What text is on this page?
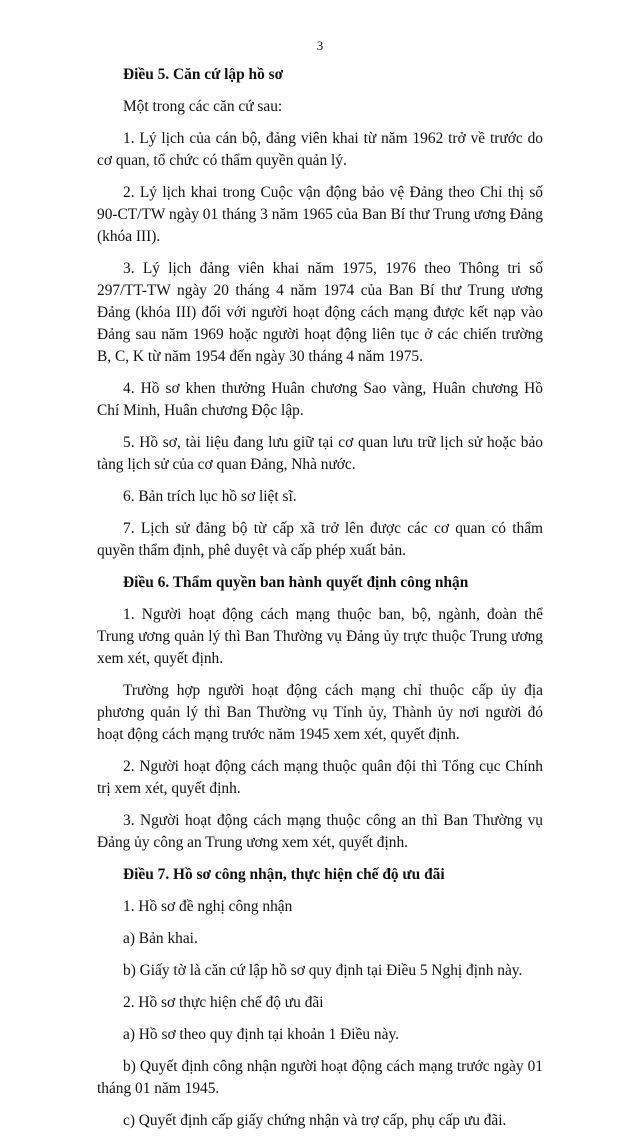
3

Điều 5. Căn cứ lập hồ sơ

Một trong các căn cứ sau:

1. Lý lịch của cán bộ, đảng viên khai từ năm 1962 trở về trước do cơ quan, tổ chức có thẩm quyền quản lý.

2. Lý lịch khai trong Cuộc vận động bảo vệ Đảng theo Chỉ thị số 90-CT/TW ngày 01 tháng 3 năm 1965 của Ban Bí thư Trung ương Đảng (khóa III).

3. Lý lịch đảng viên khai năm 1975, 1976 theo Thông tri số 297/TT-TW ngày 20 tháng 4 năm 1974 của Ban Bí thư Trung ương Đảng (khóa III) đối với người hoạt động cách mạng được kết nạp vào Đảng sau năm 1969 hoặc người hoạt động liên tục ở các chiến trường B, C, K từ năm 1954 đến ngày 30 tháng 4 năm 1975.

4. Hồ sơ khen thưởng Huân chương Sao vàng, Huân chương Hồ Chí Minh, Huân chương Độc lập.

5. Hồ sơ, tài liệu đang lưu giữ tại cơ quan lưu trữ lịch sử hoặc bảo tàng lịch sử của cơ quan Đảng, Nhà nước.

6. Bản trích lục hồ sơ liệt sĩ.

7. Lịch sử đảng bộ từ cấp xã trở lên được các cơ quan có thẩm quyền thẩm định, phê duyệt và cấp phép xuất bản.

Điều 6. Thẩm quyền ban hành quyết định công nhận

1. Người hoạt động cách mạng thuộc ban, bộ, ngành, đoàn thể Trung ương quản lý thì Ban Thường vụ Đảng ủy trực thuộc Trung ương xem xét, quyết định.

Trường hợp người hoạt động cách mạng chỉ thuộc cấp ủy địa phương quản lý thì Ban Thường vụ Tỉnh ủy, Thành ủy nơi người đó hoạt động cách mạng trước năm 1945 xem xét, quyết định.

2. Người hoạt động cách mạng thuộc quân đội thì Tổng cục Chính trị xem xét, quyết định.

3. Người hoạt động cách mạng thuộc công an thì Ban Thường vụ Đảng ủy công an Trung ương xem xét, quyết định.

Điều 7. Hồ sơ công nhận, thực hiện chế độ ưu đãi

1. Hồ sơ đề nghị công nhận

a) Bản khai.

b) Giấy tờ là căn cứ lập hồ sơ quy định tại Điều 5 Nghị định này.

2. Hồ sơ thực hiện chế độ ưu đãi

a) Hồ sơ theo quy định tại khoản 1 Điều này.

b) Quyết định công nhận người hoạt động cách mạng trước ngày 01 tháng 01 năm 1945.

c) Quyết định cấp giấy chứng nhận và trợ cấp, phụ cấp ưu đãi.
